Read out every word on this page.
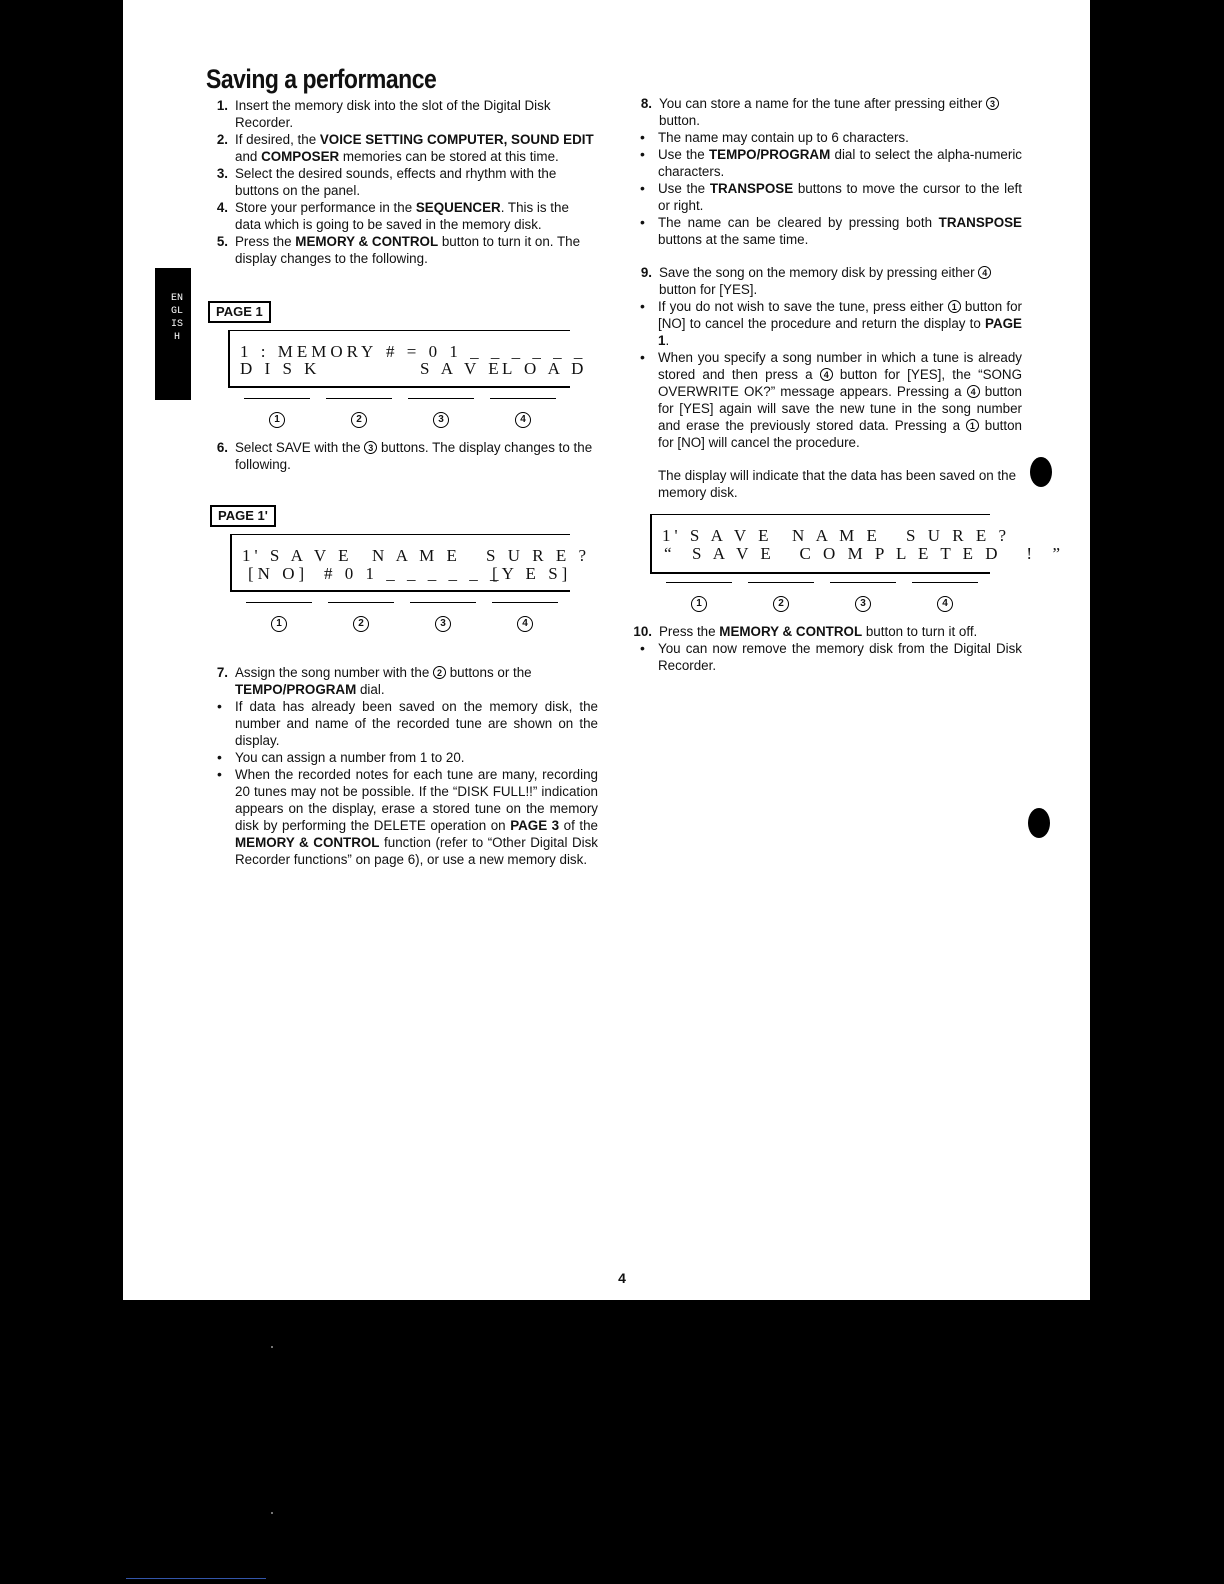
ENGLISH
Saving a performance

1. Insert the memory disk into the slot of the Digital Disk Recorder.

2. If desired, the VOICE SETTING COMPUTER, SOUND EDIT and COMPOSER memories can be stored at this time.

3. Select the desired sounds, effects and rhythm with the buttons on the panel.

4. Store your performance in the SEQUENCER. This is the data which is going to be saved in the memory disk.

5. Press the MEMORY & CONTROL button to turn it on. The display changes to the following.

PAGE 1
1 : MEMORY # = 0 1 _ _ _ _ _ _
D I S K	S A V E L O A D
1	2	3	4

6. Select SAVE with the 3 buttons. The display changes to the following.

PAGE 1'
1' S A V E N A M E S U R E ?
[N O] # 0 1 _ _ _ _ _ _
[Y E S]
1	2	3	4

7. Assign the song number with the 2 buttons or the TEMPO/PROGRAM dial.

• If data has already been saved on the memory disk, the number and name of the recorded tune are shown on the display.

• You can assign a number from 1 to 20.

• When the recorded notes for each tune are many, recording 20 tunes may not be possible. If the “DISK FULL!!” indication appears on the display, erase a stored tune on the memory disk by performing the DELETE operation on PAGE 3 of the MEMORY & CONTROL function (refer to “Other Digital Disk Recorder functions” on page 6), or use a new memory disk.

8. You can store a name for the tune after pressing either 3 button.

• The name may contain up to 6 characters.

• Use the TEMPO/PROGRAM dial to select the alpha-numeric characters.

• Use the TRANSPOSE buttons to move the cursor to the left or right.

• The name can be cleared by pressing both TRANSPOSE buttons at the same time.

9. Save the song on the memory disk by pressing either 4 button for [YES].

• If you do not wish to save the tune, press either 1 button for [NO] to cancel the procedure and return the display to PAGE 1.

• When you specify a song number in which a tune is already stored and then press a 4 button for [YES], the “SONG OVERWRITE OK?” message appears. Pressing a 4 button for [YES] again will save the new tune in the song number and erase the previously stored data. Pressing a 1 button for [NO] will cancel the procedure.

The display will indicate that the data has been saved on the memory disk.

1' S A V E N A M E S U R E ?
“  S A V E   C O M P L E T E D   !  ”
1	2	3	4

10. Press the MEMORY & CONTROL button to turn it off.

• You can now remove the memory disk from the Digital Disk Recorder.

4
